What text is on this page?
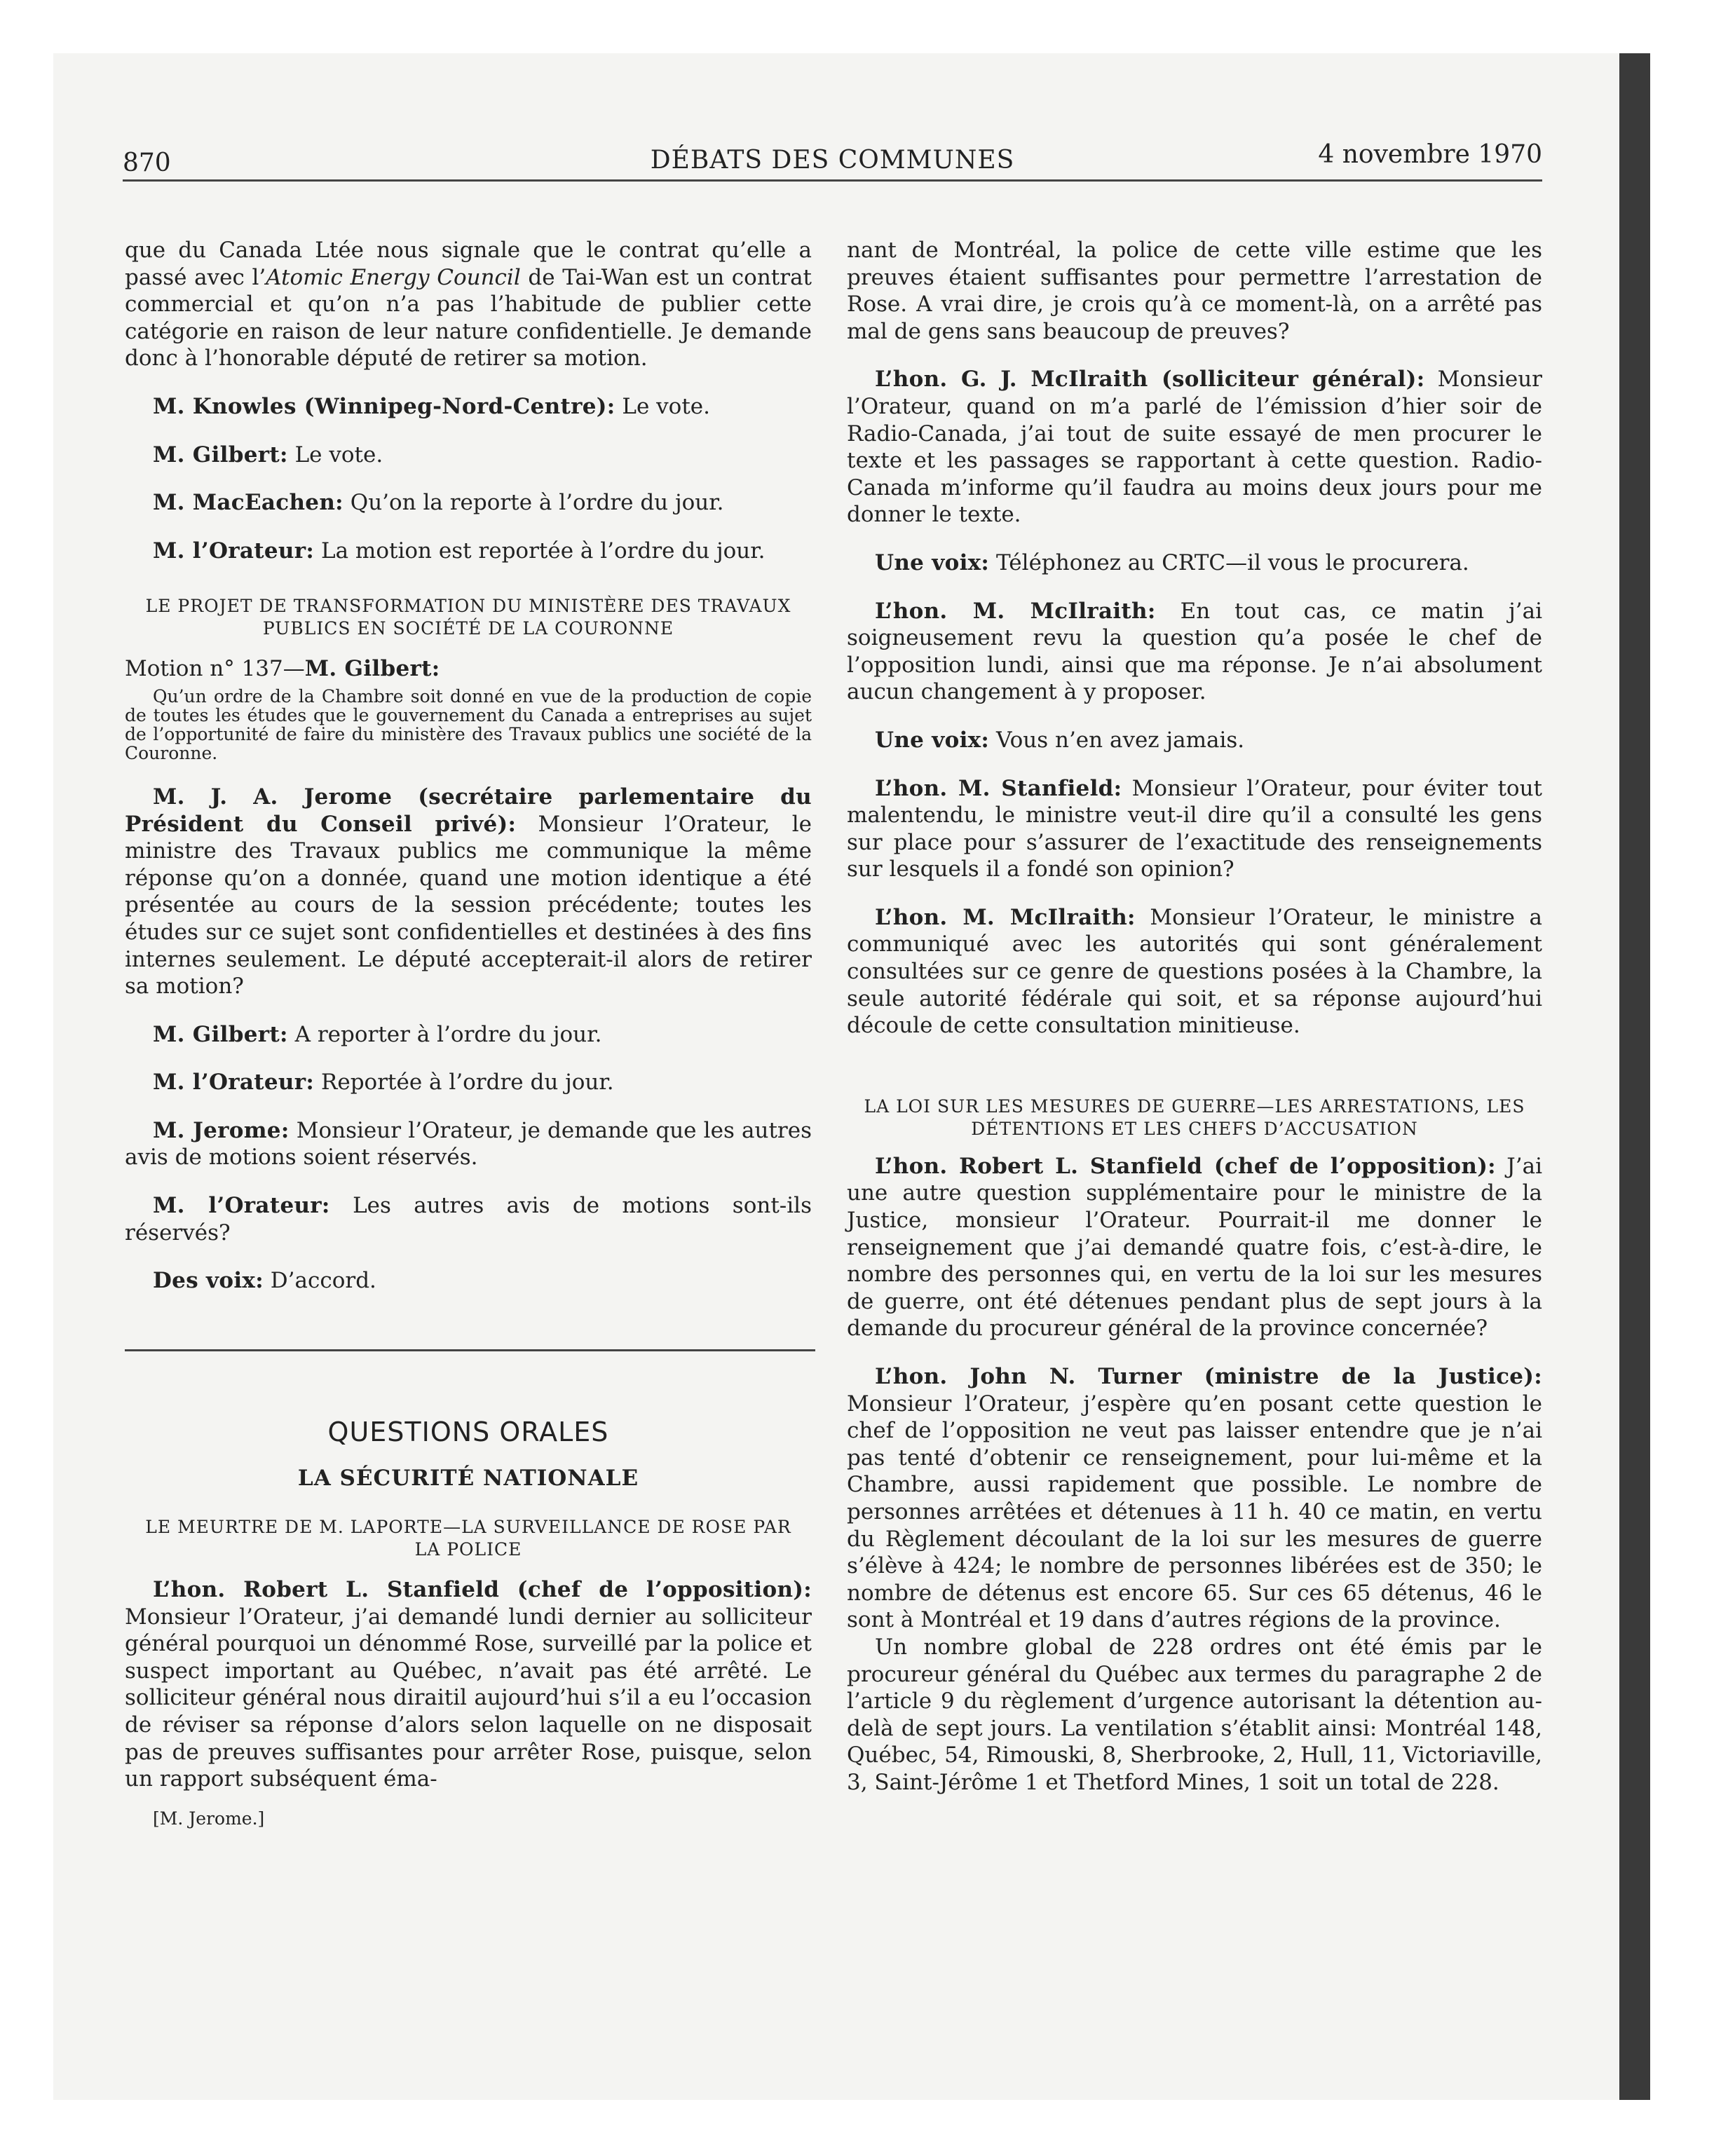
870	DÉBATS DES COMMUNES	4 novembre 1970

que du Canada Ltée nous signale que le contrat qu’elle a passé avec l’Atomic Energy Council de Tai-Wan est un contrat commercial et qu’on n’a pas l’habitude de publier cette catégorie en raison de leur nature confidentielle. Je demande donc à l’honorable député de retirer sa motion.

M. Knowles (Winnipeg-Nord-Centre): Le vote.

M. Gilbert: Le vote.

M. MacEachen: Qu’on la reporte à l’ordre du jour.

M. l’Orateur: La motion est reportée à l’ordre du jour.

LE PROJET DE TRANSFORMATION DU MINISTÈRE DES TRAVAUX PUBLICS EN SOCIÉTÉ DE LA COURONNE
Motion n° 137—M. Gilbert:
Qu’un ordre de la Chambre soit donné en vue de la production de copie de toutes les études que le gouvernement du Canada a entreprises au sujet de l’opportunité de faire du ministère des Travaux publics une société de la Couronne.

M. J. A. Jerome (secrétaire parlementaire du Président du Conseil privé): Monsieur l’Orateur, le ministre des Travaux publics me communique la même réponse qu’on a donnée, quand une motion identique a été présentée au cours de la session précédente; toutes les études sur ce sujet sont confidentielles et destinées à des fins internes seulement. Le député accepterait-il alors de retirer sa motion?

M. Gilbert: A reporter à l’ordre du jour.

M. l’Orateur: Reportée à l’ordre du jour.

M. Jerome: Monsieur l’Orateur, je demande que les autres avis de motions soient réservés.

M. l’Orateur: Les autres avis de motions sont-ils réservés?

Des voix: D’accord.

QUESTIONS ORALES
LA SÉCURITÉ NATIONALE
LE MEURTRE DE M. LAPORTE—LA SURVEILLANCE DE ROSE PAR LA POLICE

L’hon. Robert L. Stanfield (chef de l’opposition): Monsieur l’Orateur, j’ai demandé lundi dernier au solliciteur général pourquoi un dénommé Rose, surveillé par la police et suspect important au Québec, n’avait pas été arrêté. Le solliciteur général nous diraitil aujourd’hui s’il a eu l’occasion de réviser sa réponse d’alors selon laquelle on ne disposait pas de preuves suffisantes pour arrêter Rose, puisque, selon un rapport subséquent éma-

[M. Jerome.]

nant de Montréal, la police de cette ville estime que les preuves étaient suffisantes pour permettre l’arrestation de Rose. A vrai dire, je crois qu’à ce moment-là, on a arrêté pas mal de gens sans beaucoup de preuves?

L’hon. G. J. McIlraith (solliciteur général): Monsieur l’Orateur, quand on m’a parlé de l’émission d’hier soir de Radio-Canada, j’ai tout de suite essayé de men procurer le texte et les passages se rapportant à cette question. Radio-Canada m’informe qu’il faudra au moins deux jours pour me donner le texte.

Une voix: Téléphonez au CRTC—il vous le procurera.

L’hon. M. McIlraith: En tout cas, ce matin j’ai soigneusement revu la question qu’a posée le chef de l’opposition lundi, ainsi que ma réponse. Je n’ai absolument aucun changement à y proposer.

Une voix: Vous n’en avez jamais.

L’hon. M. Stanfield: Monsieur l’Orateur, pour éviter tout malentendu, le ministre veut-il dire qu’il a consulté les gens sur place pour s’assurer de l’exactitude des renseignements sur lesquels il a fondé son opinion?

L’hon. M. McIlraith: Monsieur l’Orateur, le ministre a communiqué avec les autorités qui sont généralement consultées sur ce genre de questions posées à la Chambre, la seule autorité fédérale qui soit, et sa réponse aujourd’hui découle de cette consultation minitieuse.

LA LOI SUR LES MESURES DE GUERRE—LES ARRESTATIONS, LES DÉTENTIONS ET LES CHEFS D’ACCUSATION

L’hon. Robert L. Stanfield (chef de l’opposition): J’ai une autre question supplémentaire pour le ministre de la Justice, monsieur l’Orateur. Pourrait-il me donner le renseignement que j’ai demandé quatre fois, c’est-à-dire, le nombre des personnes qui, en vertu de la loi sur les mesures de guerre, ont été détenues pendant plus de sept jours à la demande du procureur général de la province concernée?

L’hon. John N. Turner (ministre de la Justice): Monsieur l’Orateur, j’espère qu’en posant cette question le chef de l’opposition ne veut pas laisser entendre que je n’ai pas tenté d’obtenir ce renseignement, pour lui-même et la Chambre, aussi rapidement que possible. Le nombre de personnes arrêtées et détenues à 11 h. 40 ce matin, en vertu du Règlement découlant de la loi sur les mesures de guerre s’élève à 424; le nombre de personnes libérées est de 350; le nombre de détenus est encore 65. Sur ces 65 détenus, 46 le sont à Montréal et 19 dans d’autres régions de la province.

Un nombre global de 228 ordres ont été émis par le procureur général du Québec aux termes du paragraphe 2 de l’article 9 du règlement d’urgence autorisant la détention au-delà de sept jours. La ventilation s’établit ainsi: Montréal 148, Québec, 54, Rimouski, 8, Sherbrooke, 2, Hull, 11, Victoriaville, 3, Saint-Jérôme 1 et Thetford Mines, 1 soit un total de 228.
